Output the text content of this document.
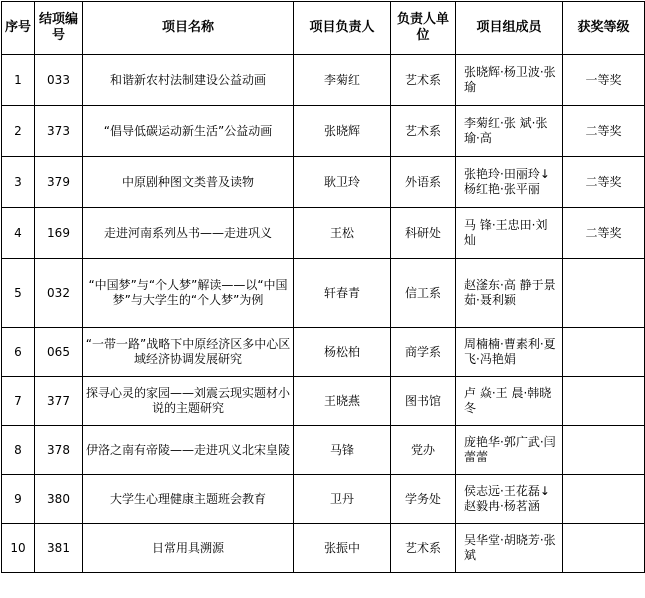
序号	结项编号	项目名称	项目负责人	负责人单位	项目组成员	获奖等级
1	033	和谐新农村法制建设公益动画	李菊红	艺术系	张晓辉·杨卫波·张 瑜	一等奖
2	373	“倡导低碳运动新生活”公益动画	张晓辉	艺术系	李菊红·张 斌·张 瑜·高	二等奖
3	379	中原剧种图文类普及读物	耿卫玲	外语系	张艳玲·田丽玲↓杨红艳·张平丽	二等奖
4	169	走进河南系列丛书——走进巩义	王松	科研处	马 锋·王忠田·刘 灿	二等奖
5	032	“中国梦”与“个人梦”解读——以“中国梦”与大学生的“个人梦”为例	轩春青	信工系	赵滏东·高 静于景茹·聂利颖	
6	065	“一带一路”战略下中原经济区多中心区域经济协调发展研究	杨松柏	商学系	周楠楠·曹素利·夏 飞·冯艳娟	
7	377	探寻心灵的家园——刘震云现实题材小说的主题研究	王晓燕	图书馆	卢 焱·王 晨·韩晓冬	
8	378	伊洛之南有帝陵——走进巩义北宋皇陵	马锋	党办	庞艳华·郭广武·闫蕾蕾	
9	380	大学生心理健康主题班会教育	卫丹	学务处	侯志远·王花磊↓赵毅冉·杨茗涵	
10	381	日常用具溯源	张振中	艺术系	吴华堂·胡晓芳·张 斌	
